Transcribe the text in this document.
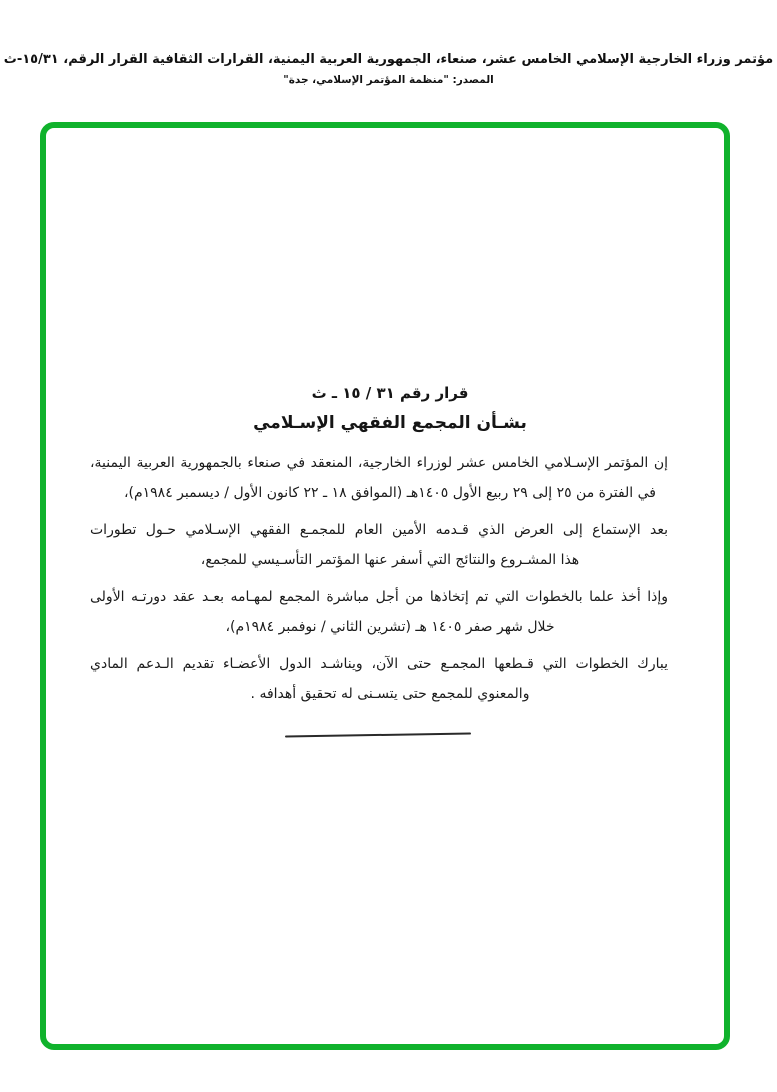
مؤتمر وزراء الخارجية الإسلامي الخامس عشر، صنعاء، الجمهورية العربية اليمنية، القرارات الثقافية القرار الرقم، ١٥/٣١-ث
المصدر: "منظمة المؤتمر الإسلامي، جدة"
قرار رقم ٣١ / ١٥ ـ ث
بشـأن المجمع الفقهي الإسـلامي
إن المؤتمر الإسـلامي الخامس عشر لوزراء الخارجية، المنعقد في صنعاء بالجمهورية العربية اليمنية،
في الفترة من ٢٥ إلى ٢٩ ربيع الأول ١٤٠٥هـ (الموافق ١٨ ـ ٢٢ كانون الأول / ديسمبر ١٩٨٤م)،
بعد الإستماع إلى العرض الذي قـدمه الأمين العام للمجمـع الفقهي الإسـلامي حـول تطورات
هذا المشـروع والنتائج التي أسفر عنها المؤتمر التأسـيسي للمجمع،
وإذا أخذ علما بالخطوات التي تم إتخاذها من أجل مباشرة المجمع لمهـامه بعـد عقد دورتـه الأولى
خلال شهر صفر ١٤٠٥ هـ (تشرين الثاني / نوفمبر ١٩٨٤م)،
يبارك الخطوات التي قـطعها المجمـع حتى الآن، ويناشـد الدول الأعضـاء تقديم الـدعم المادي
والمعنوي للمجمع حتى يتسـنى له تحقيق أهدافه .
